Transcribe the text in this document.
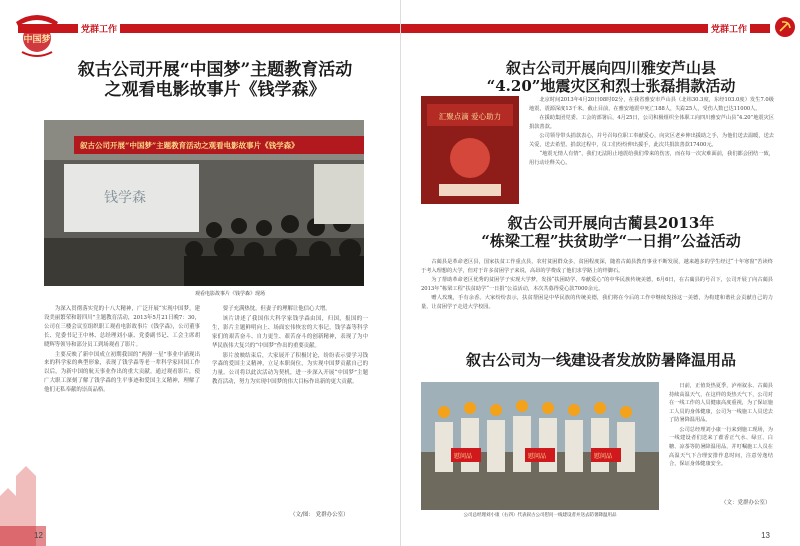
中国梦
党群工作
叙古公司开展“中国梦”主题教育活动
之观看电影故事片《钱学森》
叙古公司开展“中国梦”主题教育活动之观看电影故事片《钱学森》
钱学森
观看电影故事片《钱学森》现场

为深入贯彻落实党的十八大精神，广泛开展“实现中国梦，建设美丽繁荣和谐四川”主题教育活动，2013年5月21日晚7：30，公司在三楼会议室组织职工观看电影故事片《钱学森》，公司董事长、党委书记王中林、总经理刘小康、党委副书记、工会主席胡晓辉等领导和部分员工到场观看了影片。

主要反映了新中国成立初期我国的“两弹一星”事业中涌现出来的科学家的典型形象，表现了钱学森等老一辈科学家回国工作以后，为新中国的航天事业作出的重大贡献。通过观看影片，使广大职工深刻了解了钱学森的生平事迹和爱国主义精神，理解了他们无私奉献的崇高品格。

要子充满热忱，但妻子的理解让他信心大增。

该片讲述了我国伟大科学家钱学森由国，归国，报国的一生，影片主题鲜明向上、场面宏伟恢宏的大事记，钱学森等科学家们的艰苦奋斗、自力更生、艰苦奋斗的创新精神，表现了为中华民族伟大复兴的“中国梦”作出的重要贡献。

影片放映结束后，大家展开了积极讨论，纷纷表示要学习钱学森的爱国主义精神，立足本职岗位，为实现中国梦贡献自己的力量。公司将以此次活动为契机，进一步深入开展“中国梦”主题教育活动，努力为实现中国梦的伟大目标作出新的更大贡献。

（文/图： 党群办公室）
12
党群工作
叙古公司开展向四川雅安芦山县
“4.20”地震灾区和烈士张磊捐款活动
汇聚点滴 爱心助力

北京时间2013年4月20日08时02分，在我省雅安市芦山县（北纬30.3度，东经103.0度）发生7.0级地震，震源深度13千米。截止目前，在雅安地震中死亡188人，失踪25人，受伤人数已达11000人。

在援助集团党委、工会的部署后，4月25日，公司积极组织全体职工向四川雅安芦山县“4.20”地震灾区捐款善款。

公司领导带头捐款表心，并号召每位职工奉献爱心，向灾区老乡伸出援助之手，为他们送去温暖，送去关爱，送去希望。捐款过程中，员工们纷纷伸出援手，此次共捐款善款17400元。

“地震无情人有情”，我们无法阻止地震给我们带来的伤害，而在每一次灾难面前，我们都会团结一致，用行动诠释关心。

叙古公司开展向古蔺县2013年
“栋梁工程”扶贫助学“一日捐”公益活动

古蔺县是革命老区县，国家扶贫工作重点县，农村贫困群众多，贫困程度深，随着古蔺县教育事业不断发展，越来越多的学生经过“十年寒窗”苦读终于考入理想的大学，但对于许多贫困学子来说，高昂的学费成了他们求学路上的绊脚石。

为了帮助革命老区优秀的贫困学子实现大学梦，发扬“扶困助学、奉献爱心”的中华民族传统美德，6月6日，在古蔺县的号召下，公司开展了向古蔺县2013年“栋梁工程”扶贫助学“一日捐”公益活动，本次共募得爱心款7000余元。

赠人玫瑰，手有余香。大家纷纷表示，扶贫帮困是中华民族的传统美德，我们将在今后的工作中继续发扬这一美德，为构建和谐社会贡献自己的力量，让贫困学子走进大学校园。

叙古公司为一线建设者发放防暑降温用品
慰问品	慰问品	慰问品
公司总经理刘小康（右四）代表叙古公司慰问一线建设者并送去防暑降温用品

日前，正值炎热夏季，泸州叙永、古蔺县持续高温天气，在这样的炎热天气下，公司对在一线工作的人员健康高度重视，为了保证施工人员的身体健康，公司为一线施工人员送去了防暑降温用品。

公司总经理刘小康一行来到施工现场，为一线建设者们送来了藿香正气水、绿豆、白糖、凉茶等防暑降温用品，并叮嘱施工人员在高温天气下合理安排作息时间，注意劳逸结合，保证身体健康安全。

（文：党群办公室）
13
